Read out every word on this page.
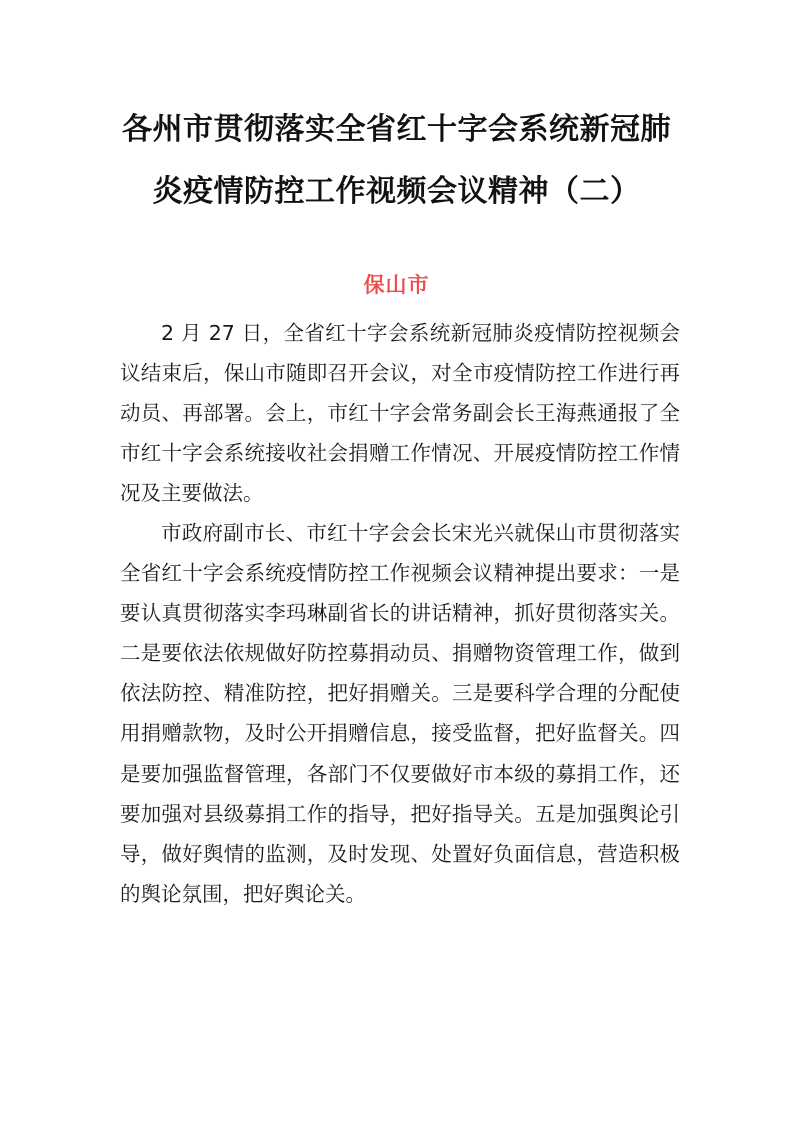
各州市贯彻落实全省红十字会系统新冠肺
炎疫情防控工作视频会议精神（二）
保山市

2 月 27 日，全省红十字会系统新冠肺炎疫情防控视频会议结束后，保山市随即召开会议，对全市疫情防控工作进行再动员、再部署。会上，市红十字会常务副会长王海燕通报了全市红十字会系统接收社会捐赠工作情况、开展疫情防控工作情况及主要做法。

市政府副市长、市红十字会会长宋光兴就保山市贯彻落实全省红十字会系统疫情防控工作视频会议精神提出要求：一是要认真贯彻落实李玛琳副省长的讲话精神，抓好贯彻落实关。二是要依法依规做好防控募捐动员、捐赠物资管理工作，做到依法防控、精准防控，把好捐赠关。三是要科学合理的分配使用捐赠款物，及时公开捐赠信息，接受监督，把好监督关。四是要加强监督管理，各部门不仅要做好市本级的募捐工作，还要加强对县级募捐工作的指导，把好指导关。五是加强舆论引导，做好舆情的监测，及时发现、处置好负面信息，营造积极的舆论氛围，把好舆论关。
